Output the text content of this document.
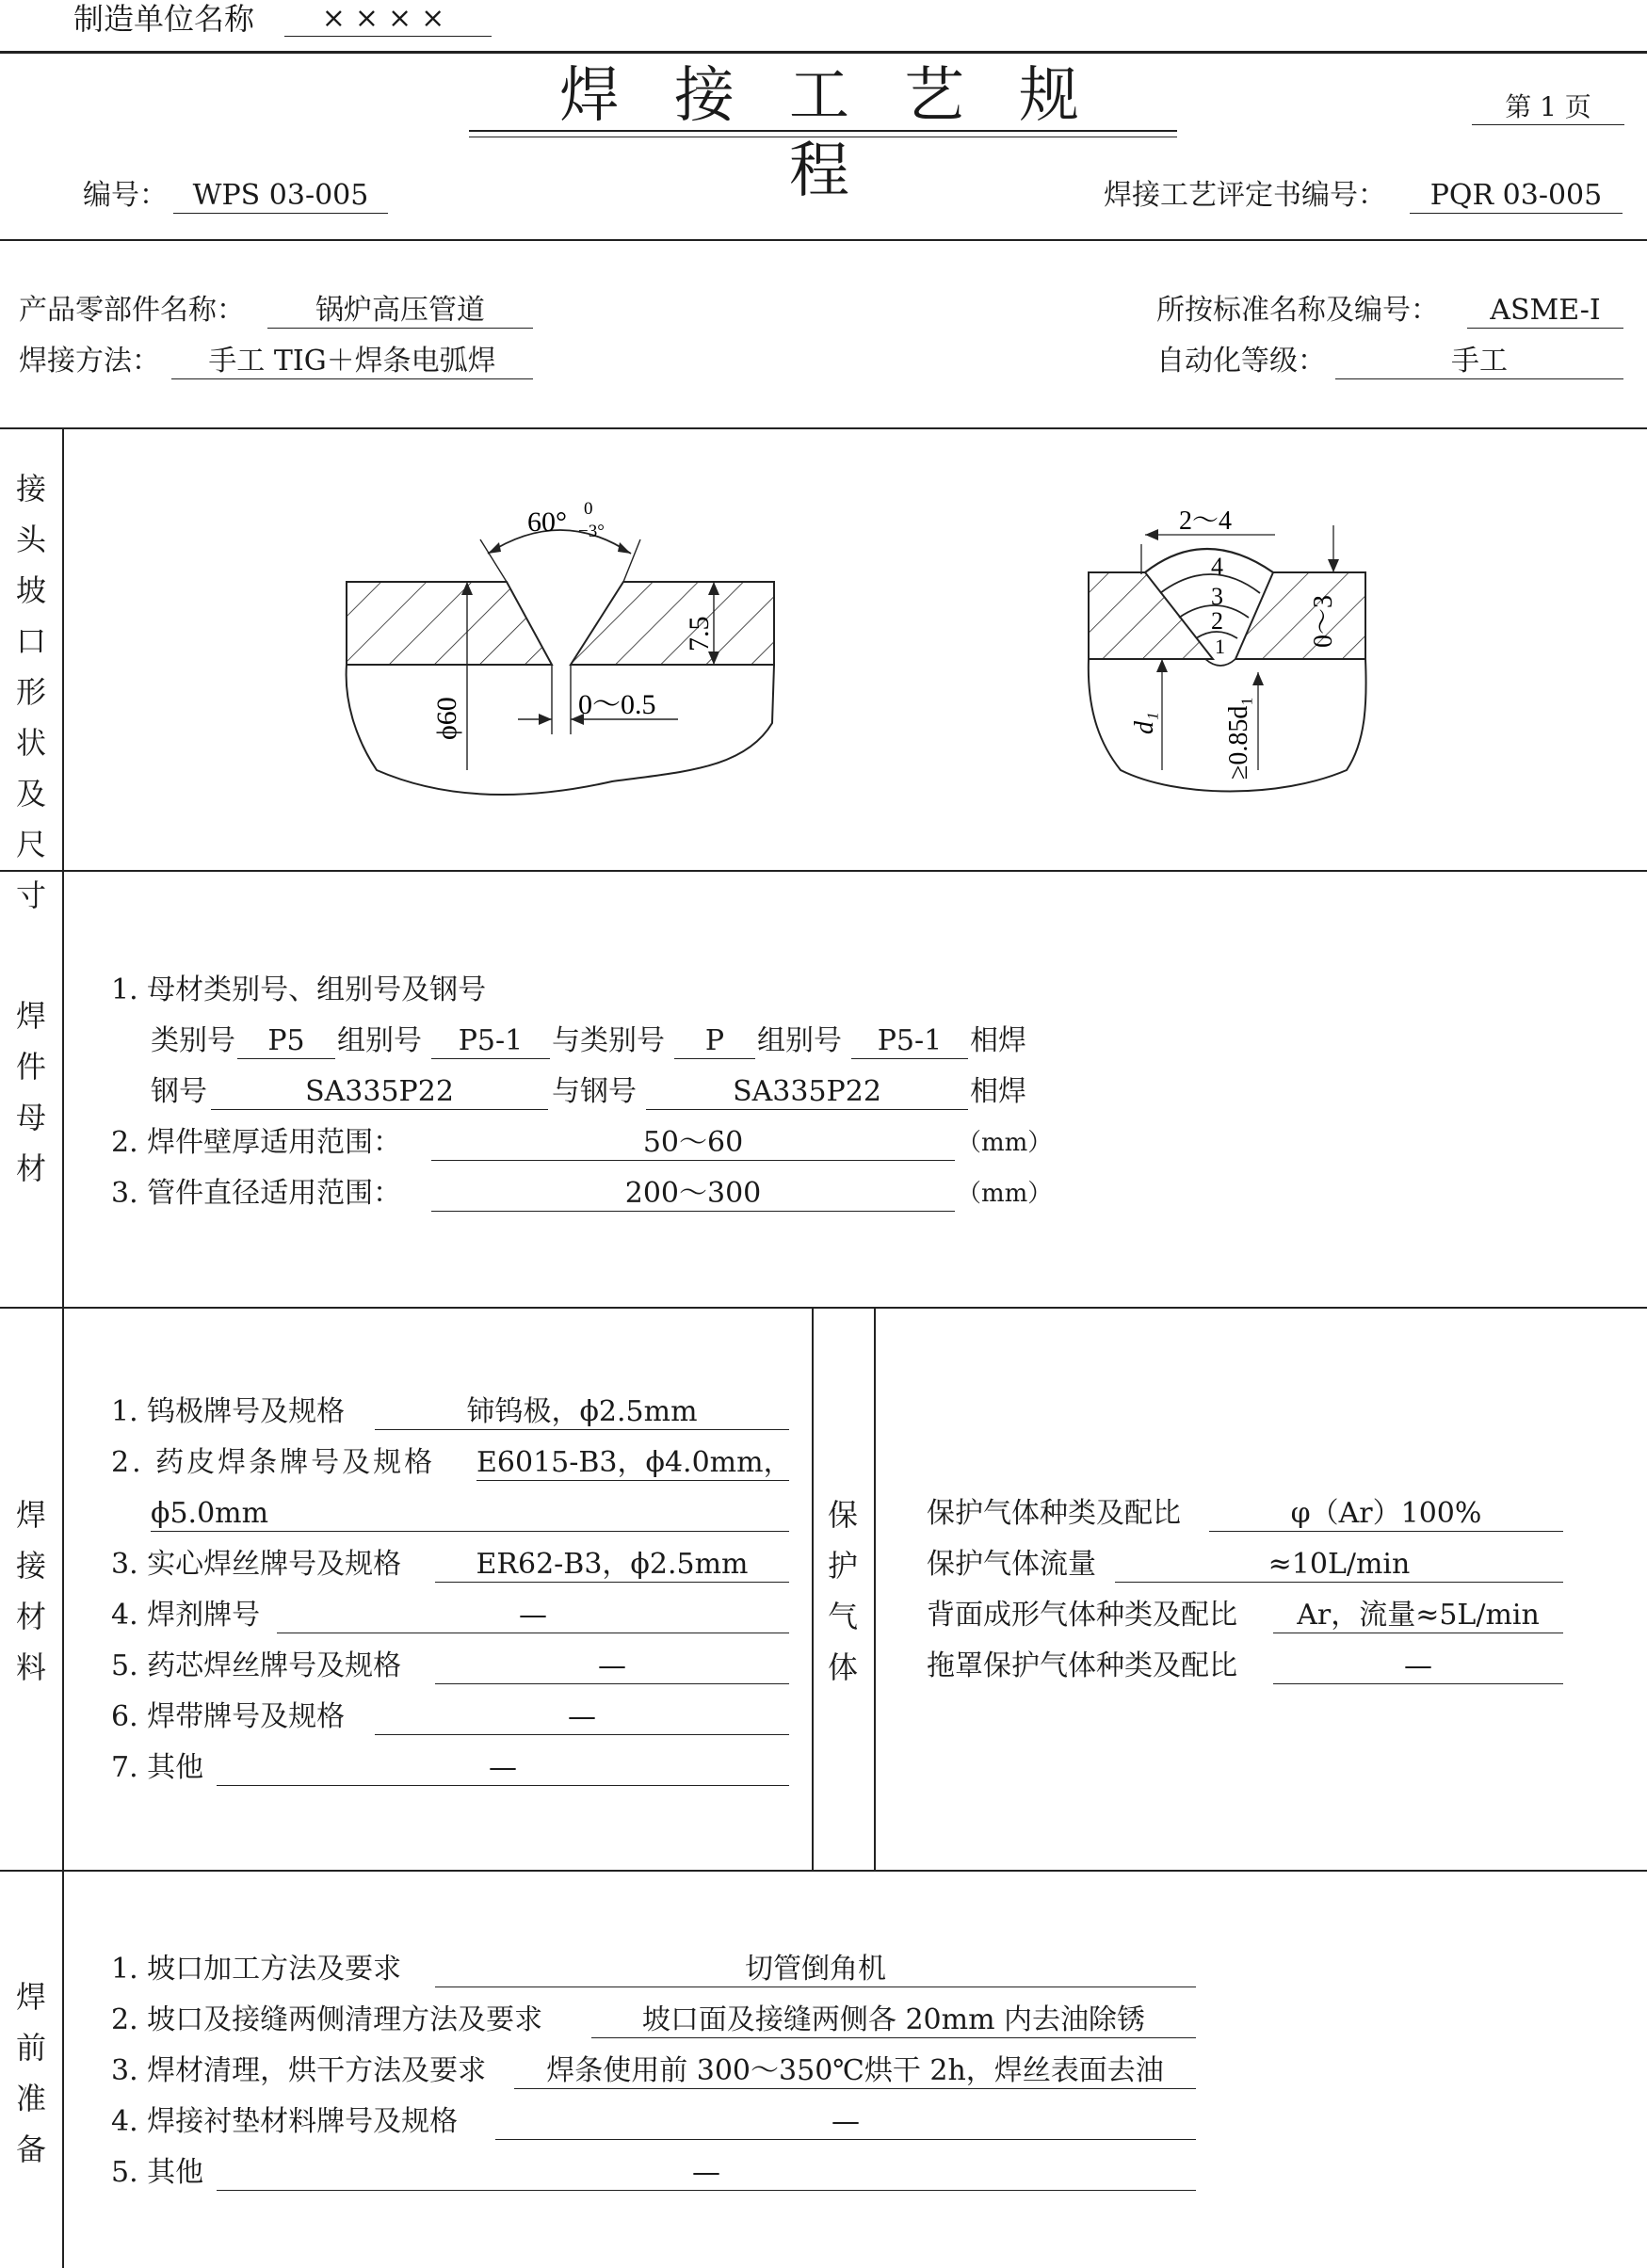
制造单位名称	××××
焊接工艺规程
第 1 页
编号： WPS 03-005	焊接工艺评定书编号：	PQR 03-005
产品零部件名称：	锅炉高压管道	所按标准名称及编号：	ASME-I
焊接方法：	手工 TIG＋焊条电弧焊	自动化等级：	手工
接
头
坡
口
形
状
及
尺
寸
60° 0
−3°
7.5
ϕ60	0～0.5
4
3
2
1
2～4
0～3
d₁ ≥0.85d₁
焊
件
母
材
1. 母材类别号、组别号及钢号
类别号	P5	组别号	P5-1	与类别号	P	组别号	P5-1 相焊
钢号	SA335P22	与钢号	SA335P22	相焊
2. 焊件壁厚适用范围：	50～60	（mm）
3. 管件直径适用范围：	200～300	（mm）
焊
接
材
料
1. 钨极牌号及规格	铈钨极，ϕ2.5mm
2. 药皮焊条牌号及规格 E6015-B3，ϕ4.0mm，
ϕ5.0mm
3. 实心焊丝牌号及规格	ER62-B3，ϕ2.5mm
4. 焊剂牌号	—
5. 药芯焊丝牌号及规格	—
6. 焊带牌号及规格	—
7. 其他	—
保
护
气
体
保护气体种类及配比	φ（Ar）100%
保护气体流量	≈10L/min
背面成形气体种类及配比	Ar，流量≈5L/min
拖罩保护气体种类及配比	—
焊
前
准
备
1. 坡口加工方法及要求	切管倒角机
2. 坡口及接缝两侧清理方法及要求	坡口面及接缝两侧各 20mm 内去油除锈
3. 焊材清理，烘干方法及要求	焊条使用前 300～350℃烘干 2h，焊丝表面去油
4. 焊接衬垫材料牌号及规格	—
5. 其他	—
